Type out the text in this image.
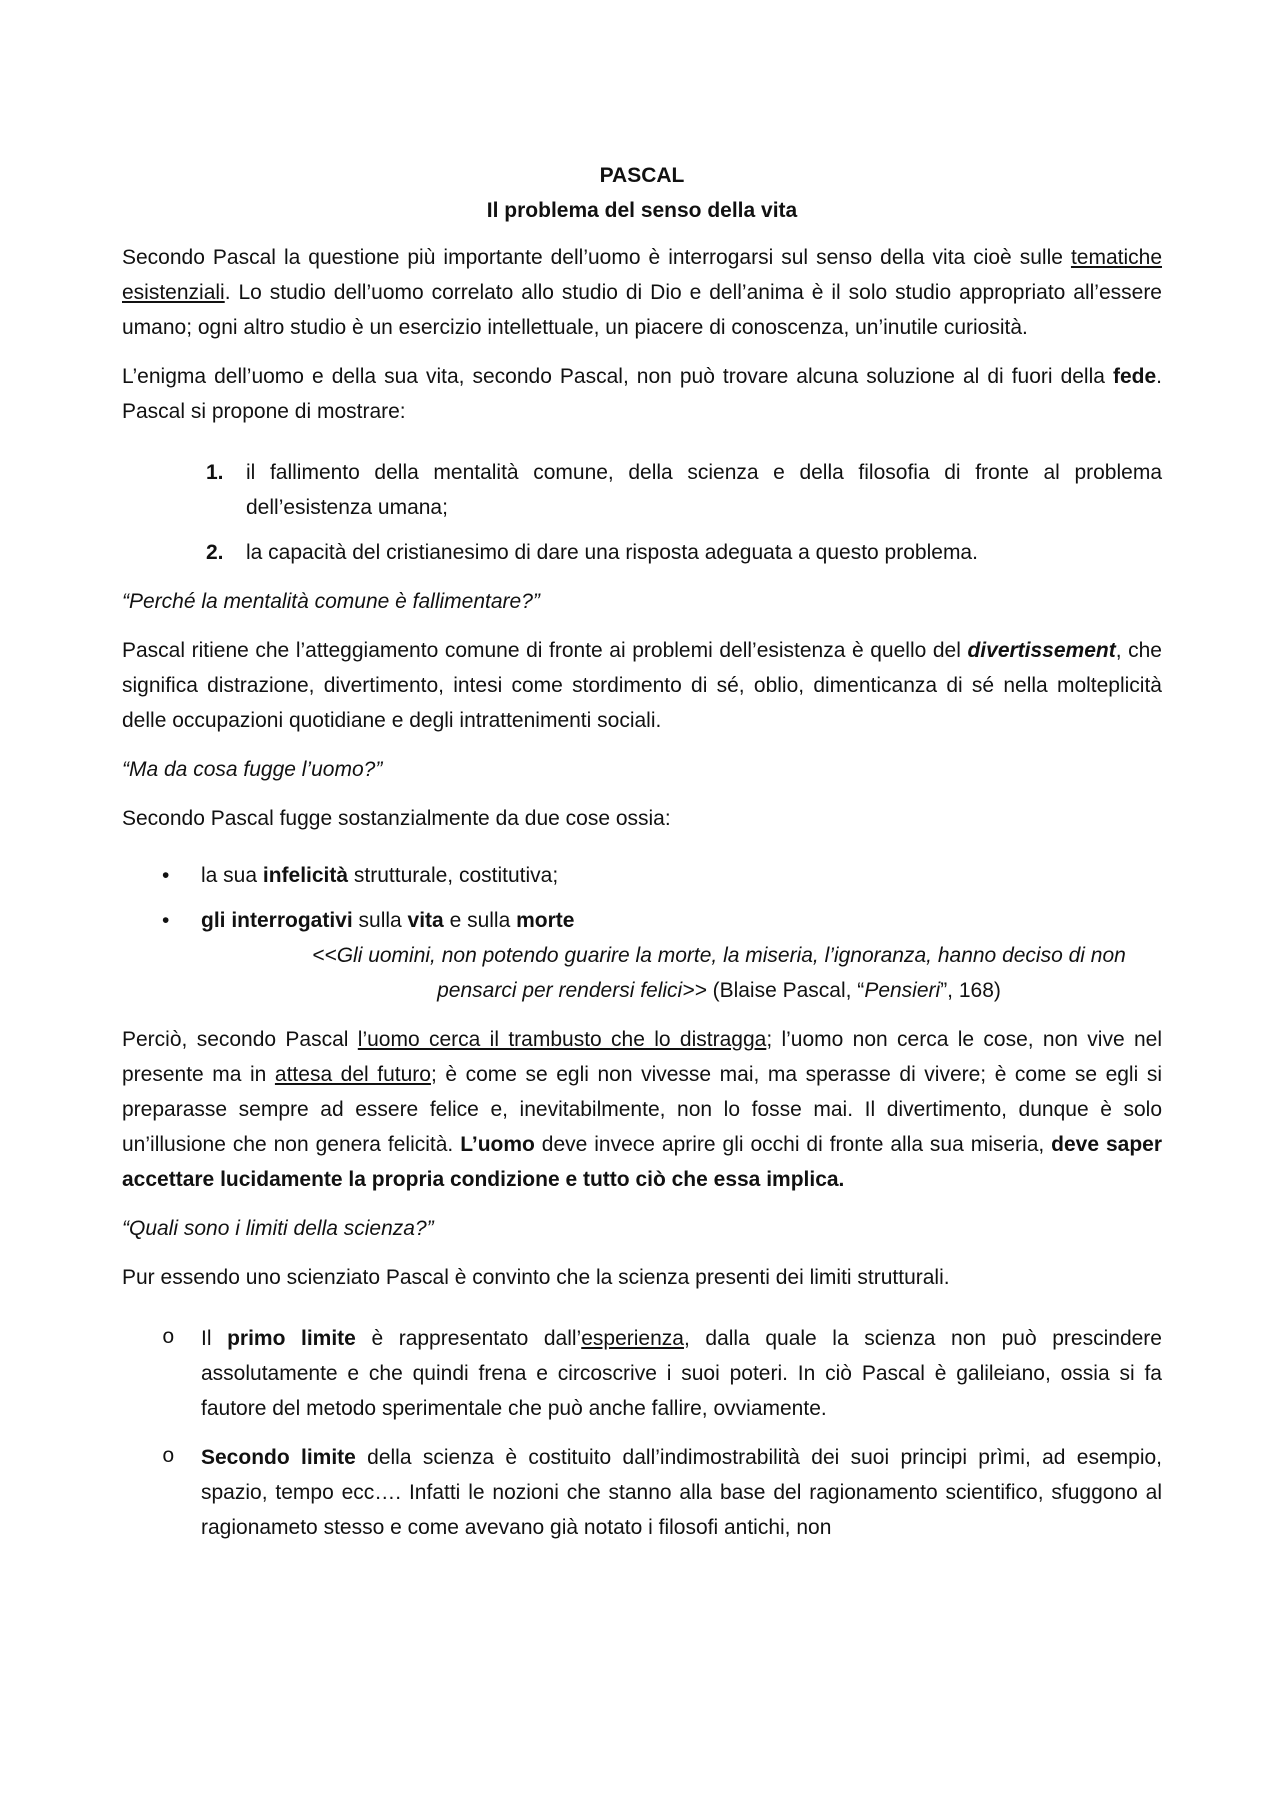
PASCAL

Il problema del senso della vita

Secondo Pascal la questione più importante dell’uomo è interrogarsi sul senso della vita cioè sulle tematiche esistenziali. Lo studio dell’uomo correlato allo studio di Dio e dell’anima è il solo studio appropriato all’essere umano; ogni altro studio è un esercizio intellettuale, un piacere di conoscenza, un’inutile curiosità.

L’enigma dell’uomo e della sua vita, secondo Pascal, non può trovare alcuna soluzione al di fuori della fede. Pascal si propone di mostrare:

1. il fallimento della mentalità comune, della scienza e della filosofia di fronte al problema dell’esistenza umana;
2. la capacità del cristianesimo di dare una risposta adeguata a questo problema.

“Perché la mentalità comune è fallimentare?”

Pascal ritiene che l’atteggiamento comune di fronte ai problemi dell’esistenza è quello del divertissement, che significa distrazione, divertimento, intesi come stordimento di sé, oblio, dimenticanza di sé nella molteplicità delle occupazioni quotidiane e degli intrattenimenti sociali.

“Ma da cosa fugge l’uomo?”

Secondo Pascal fugge sostanzialmente da due cose ossia:

• la sua infelicità strutturale, costitutiva;
• gli interrogativi sulla vita e sulla morte

<<Gli uomini, non potendo guarire la morte, la miseria, l’ignoranza, hanno deciso di non pensarci per rendersi felici>> (Blaise Pascal, “Pensieri”, 168)

Perciò, secondo Pascal l’uomo cerca il trambusto che lo distragga; l’uomo non cerca le cose, non vive nel presente ma in attesa del futuro; è come se egli non vivesse mai, ma sperasse di vivere; è come se egli si preparasse sempre ad essere felice e, inevitabilmente, non lo fosse mai. Il divertimento, dunque è solo un’illusione che non genera felicità. L’uomo deve invece aprire gli occhi di fronte alla sua miseria, deve saper accettare lucidamente la propria condizione e tutto ciò che essa implica.

“Quali sono i limiti della scienza?”

Pur essendo uno scienziato Pascal è convinto che la scienza presenti dei limiti strutturali.

o Il primo limite è rappresentato dall’esperienza, dalla quale la scienza non può prescindere assolutamente e che quindi frena e circoscrive i suoi poteri. In ciò Pascal è galileiano, ossia si fa fautore del metodo sperimentale che può anche fallire, ovviamente.
o Secondo limite della scienza è costituito dall’indimostrabilità dei suoi principi prìmi, ad esempio, spazio, tempo ecc…. Infatti le nozioni che stanno alla base del ragionamento scientifico, sfuggono al ragionameto stesso e come avevano già notato i filosofi antichi, non
